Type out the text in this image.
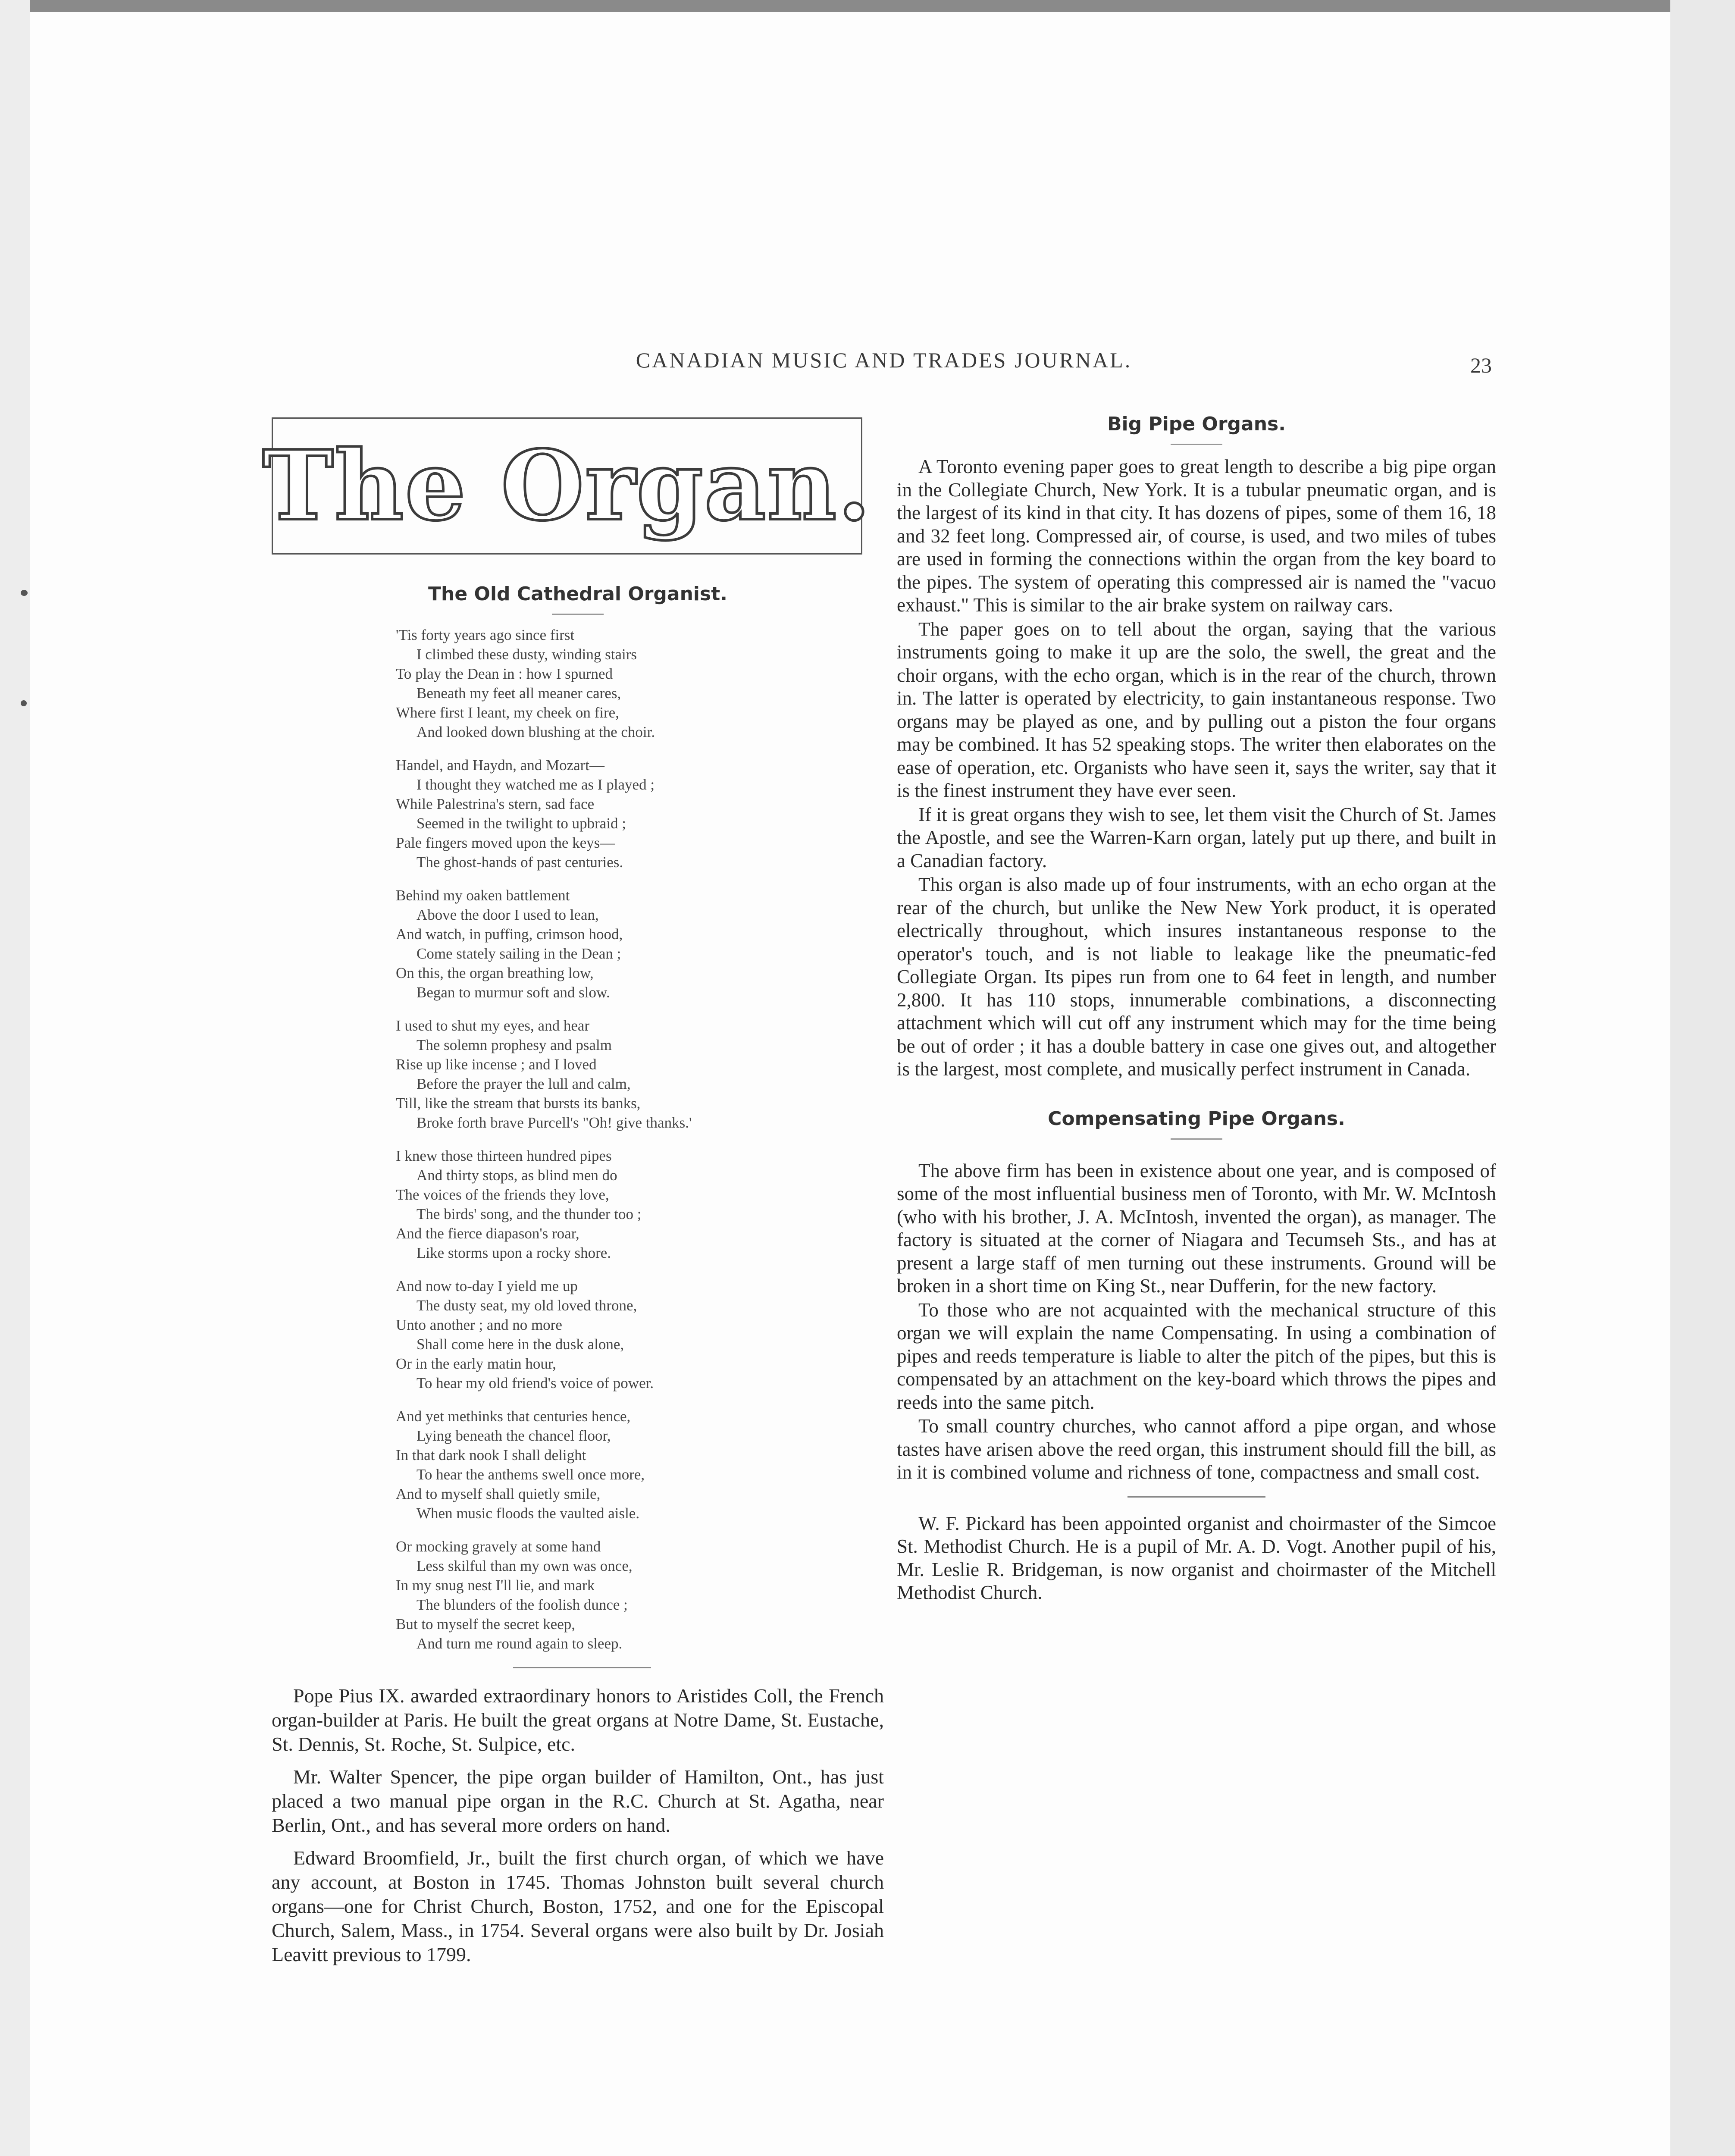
CANADIAN MUSIC AND TRADES JOURNAL.	23
The Organ.
The Old Cathedral Organist.
'Tis forty years ago since first
I climbed these dusty, winding stairs
To play the Dean in : how I spurned
Beneath my feet all meaner cares,
Where first I leant, my cheek on fire,
And looked down blushing at the choir.
Handel, and Haydn, and Mozart—
I thought they watched me as I played ;
While Palestrina's stern, sad face
Seemed in the twilight to upbraid ;
Pale fingers moved upon the keys—
The ghost-hands of past centuries.
Behind my oaken battlement
Above the door I used to lean,
And watch, in puffing, crimson hood,
Come stately sailing in the Dean ;
On this, the organ breathing low,
Began to murmur soft and slow.
I used to shut my eyes, and hear
The solemn prophesy and psalm
Rise up like incense ; and I loved
Before the prayer the lull and calm,
Till, like the stream that bursts its banks,
Broke forth brave Purcell's "Oh! give thanks.'
I knew those thirteen hundred pipes
And thirty stops, as blind men do
The voices of the friends they love,
The birds' song, and the thunder too ;
And the fierce diapason's roar,
Like storms upon a rocky shore.
And now to-day I yield me up
The dusty seat, my old loved throne,
Unto another ; and no more
Shall come here in the dusk alone,
Or in the early matin hour,
To hear my old friend's voice of power.
And yet methinks that centuries hence,
Lying beneath the chancel floor,
In that dark nook I shall delight
To hear the anthems swell once more,
And to myself shall quietly smile,
When music floods the vaulted aisle.
Or mocking gravely at some hand
Less skilful than my own was once,
In my snug nest I'll lie, and mark
The blunders of the foolish dunce ;
But to myself the secret keep,
And turn me round again to sleep.

Pope Pius IX. awarded extraordinary honors to Aristides Coll, the French organ-builder at Paris. He built the great organs at Notre Dame, St. Eustache, St. Dennis, St. Roche, St. Sulpice, etc.

Mr. Walter Spencer, the pipe organ builder of Hamilton, Ont., has just placed a two manual pipe organ in the R.C. Church at St. Agatha, near Berlin, Ont., and has several more orders on hand.

Edward Broomfield, Jr., built the first church organ, of which we have any account, at Boston in 1745. Thomas Johnston built several church organs—one for Christ Church, Boston, 1752, and one for the Episcopal Church, Salem, Mass., in 1754. Several organs were also built by Dr. Josiah Leavitt previous to 1799.

Big Pipe Organs.

A Toronto evening paper goes to great length to describe a big pipe organ in the Collegiate Church, New York. It is a tubular pneumatic organ, and is the largest of its kind in that city. It has dozens of pipes, some of them 16, 18 and 32 feet long. Compressed air, of course, is used, and two miles of tubes are used in forming the connections within the organ from the key board to the pipes. The system of operating this compressed air is named the "vacuo exhaust." This is similar to the air brake system on railway cars.

The paper goes on to tell about the organ, saying that the various instruments going to make it up are the solo, the swell, the great and the choir organs, with the echo organ, which is in the rear of the church, thrown in. The latter is operated by electricity, to gain instantaneous response. Two organs may be played as one, and by pulling out a piston the four organs may be combined. It has 52 speaking stops. The writer then elaborates on the ease of operation, etc. Organists who have seen it, says the writer, say that it is the finest instrument they have ever seen.

If it is great organs they wish to see, let them visit the Church of St. James the Apostle, and see the Warren-Karn organ, lately put up there, and built in a Canadian factory.

This organ is also made up of four instruments, with an echo organ at the rear of the church, but unlike the New New York product, it is operated electrically throughout, which insures instantaneous response to the operator's touch, and is not liable to leakage like the pneumatic-fed Collegiate Organ. Its pipes run from one to 64 feet in length, and number 2,800. It has 110 stops, innumerable combinations, a disconnecting attachment which will cut off any instrument which may for the time being be out of order ; it has a double battery in case one gives out, and altogether is the largest, most complete, and musically perfect instrument in Canada.

Compensating Pipe Organs.

The above firm has been in existence about one year, and is composed of some of the most influential business men of Toronto, with Mr. W. McIntosh (who with his brother, J. A. McIntosh, invented the organ), as manager. The factory is situated at the corner of Niagara and Tecumseh Sts., and has at present a large staff of men turning out these instruments. Ground will be broken in a short time on King St., near Dufferin, for the new factory.

To those who are not acquainted with the mechanical structure of this organ we will explain the name Compensating. In using a combination of pipes and reeds temperature is liable to alter the pitch of the pipes, but this is compensated by an attachment on the key-board which throws the pipes and reeds into the same pitch.

To small country churches, who cannot afford a pipe organ, and whose tastes have arisen above the reed organ, this instrument should fill the bill, as in it is combined volume and richness of tone, compactness and small cost.

W. F. Pickard has been appointed organist and choirmaster of the Simcoe St. Methodist Church. He is a pupil of Mr. A. D. Vogt. Another pupil of his, Mr. Leslie R. Bridgeman, is now organist and choirmaster of the Mitchell Methodist Church.
